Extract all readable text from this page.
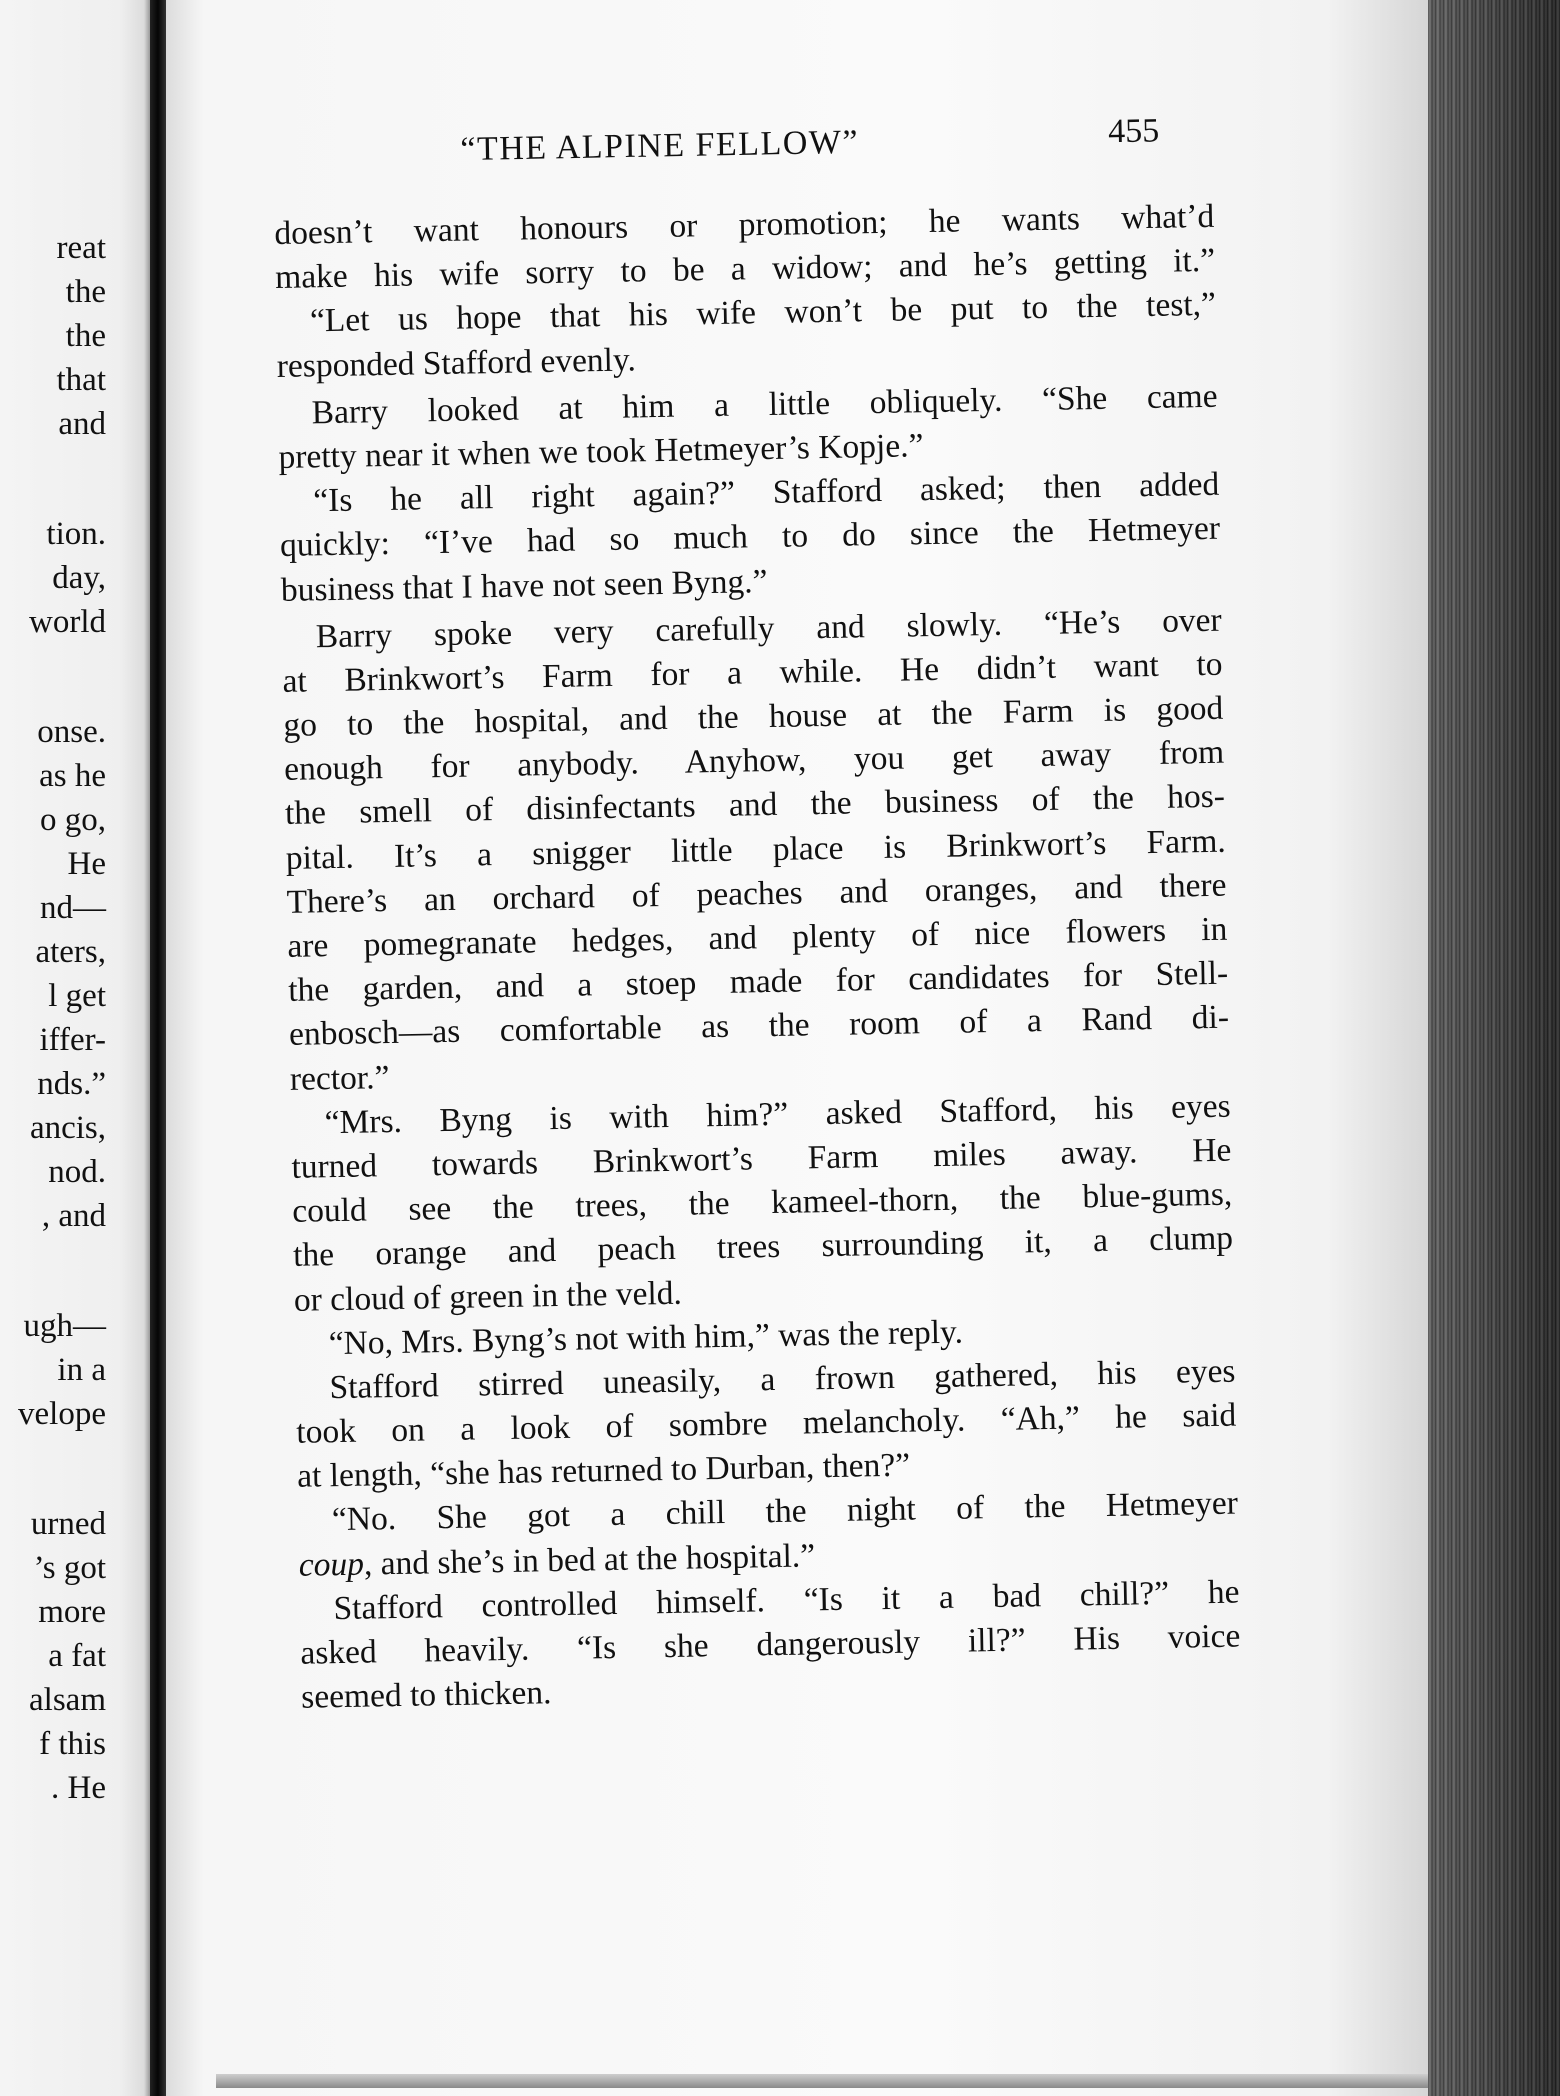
reat
the
the
that
and
tion.
day,
world
onse.
as he
o go,
He
nd—
aters,
l get
iffer-
nds.”
ancis,
nod.
, and
ugh—
in a
velope
urned
’s got
more
a fat
alsam
f this
. He
“THE ALPINE FELLOW”	455
doesn’t want honours or promotion; he wants what’d
make his wife sorry to be a widow; and he’s getting it.”
“Let us hope that his wife won’t be put to the test,”
responded Stafford evenly.
Barry looked at him a little obliquely. “She came
pretty near it when we took Hetmeyer’s Kopje.”
“Is he all right again?” Stafford asked; then added
quickly: “I’ve had so much to do since the Hetmeyer
business that I have not seen Byng.”
Barry spoke very carefully and slowly. “He’s over
at Brinkwort’s Farm for a while. He didn’t want to
go to the hospital, and the house at the Farm is good
enough for anybody. Anyhow, you get away from
the smell of disinfectants and the business of the hos-
pital. It’s a snigger little place is Brinkwort’s Farm.
There’s an orchard of peaches and oranges, and there
are pomegranate hedges, and plenty of nice flowers in
the garden, and a stoep made for candidates for Stell-
enbosch—as comfortable as the room of a Rand di-
rector.”
“Mrs. Byng is with him?” asked Stafford, his eyes
turned towards Brinkwort’s Farm miles away. He
could see the trees, the kameel-thorn, the blue-gums,
the orange and peach trees surrounding it, a clump
or cloud of green in the veld.
“No, Mrs. Byng’s not with him,” was the reply.
Stafford stirred uneasily, a frown gathered, his eyes
took on a look of sombre melancholy. “Ah,” he said
at length, “she has returned to Durban, then?”
“No. She got a chill the night of the Hetmeyer
coup, and she’s in bed at the hospital.”
Stafford controlled himself. “Is it a bad chill?” he
asked heavily. “Is she dangerously ill?” His voice
seemed to thicken.
